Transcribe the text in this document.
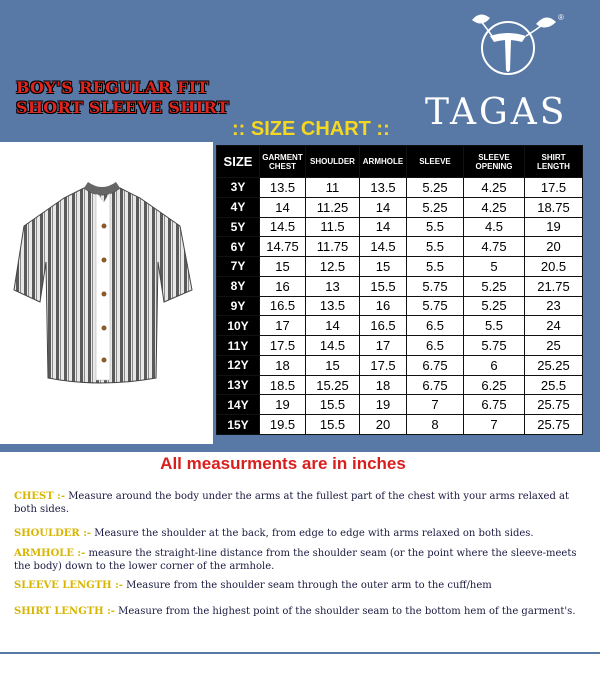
BOY'S REGULAR FIT
SHORT SLEEVE SHIRT
®
TAGAS
:: SIZE CHART ::
SIZE	GARMENT CHEST	SHOULDER	ARMHOLE	SLEEVE	SLEEVE OPENING	SHIRT LENGTH
3Y	13.5	11	13.5	5.25	4.25	17.5
4Y	14	11.25	14	5.25	4.25	18.75
5Y	14.5	11.5	14	5.5	4.5	19
6Y	14.75	11.75	14.5	5.5	4.75	20
7Y	15	12.5	15	5.5	5	20.5
8Y	16	13	15.5	5.75	5.25	21.75
9Y	16.5	13.5	16	5.75	5.25	23
10Y	17	14	16.5	6.5	5.5	24
11Y	17.5	14.5	17	6.5	5.75	25
12Y	18	15	17.5	6.75	6	25.25
13Y	18.5	15.25	18	6.75	6.25	25.5
14Y	19	15.5	19	7	6.75	25.75
15Y	19.5	15.5	20	8	7	25.75
All measurments are in inches
CHEST :- Measure around the body under the arms at the fullest part of the chest with your arms relaxed at both sides.
SHOULDER :- Measure the shoulder at the back, from edge to edge with arms relaxed on both sides.
ARMHOLE :- measure the straight-line distance from the shoulder seam (or the point where the sleeve-meets the body) down to the lower corner of the armhole.
SLEEVE LENGTH :- Measure from the shoulder seam through the outer arm to the cuff/hem
SHIRT LENGTH :- Measure from the highest point of the shoulder seam to the bottom hem of the garment's.
